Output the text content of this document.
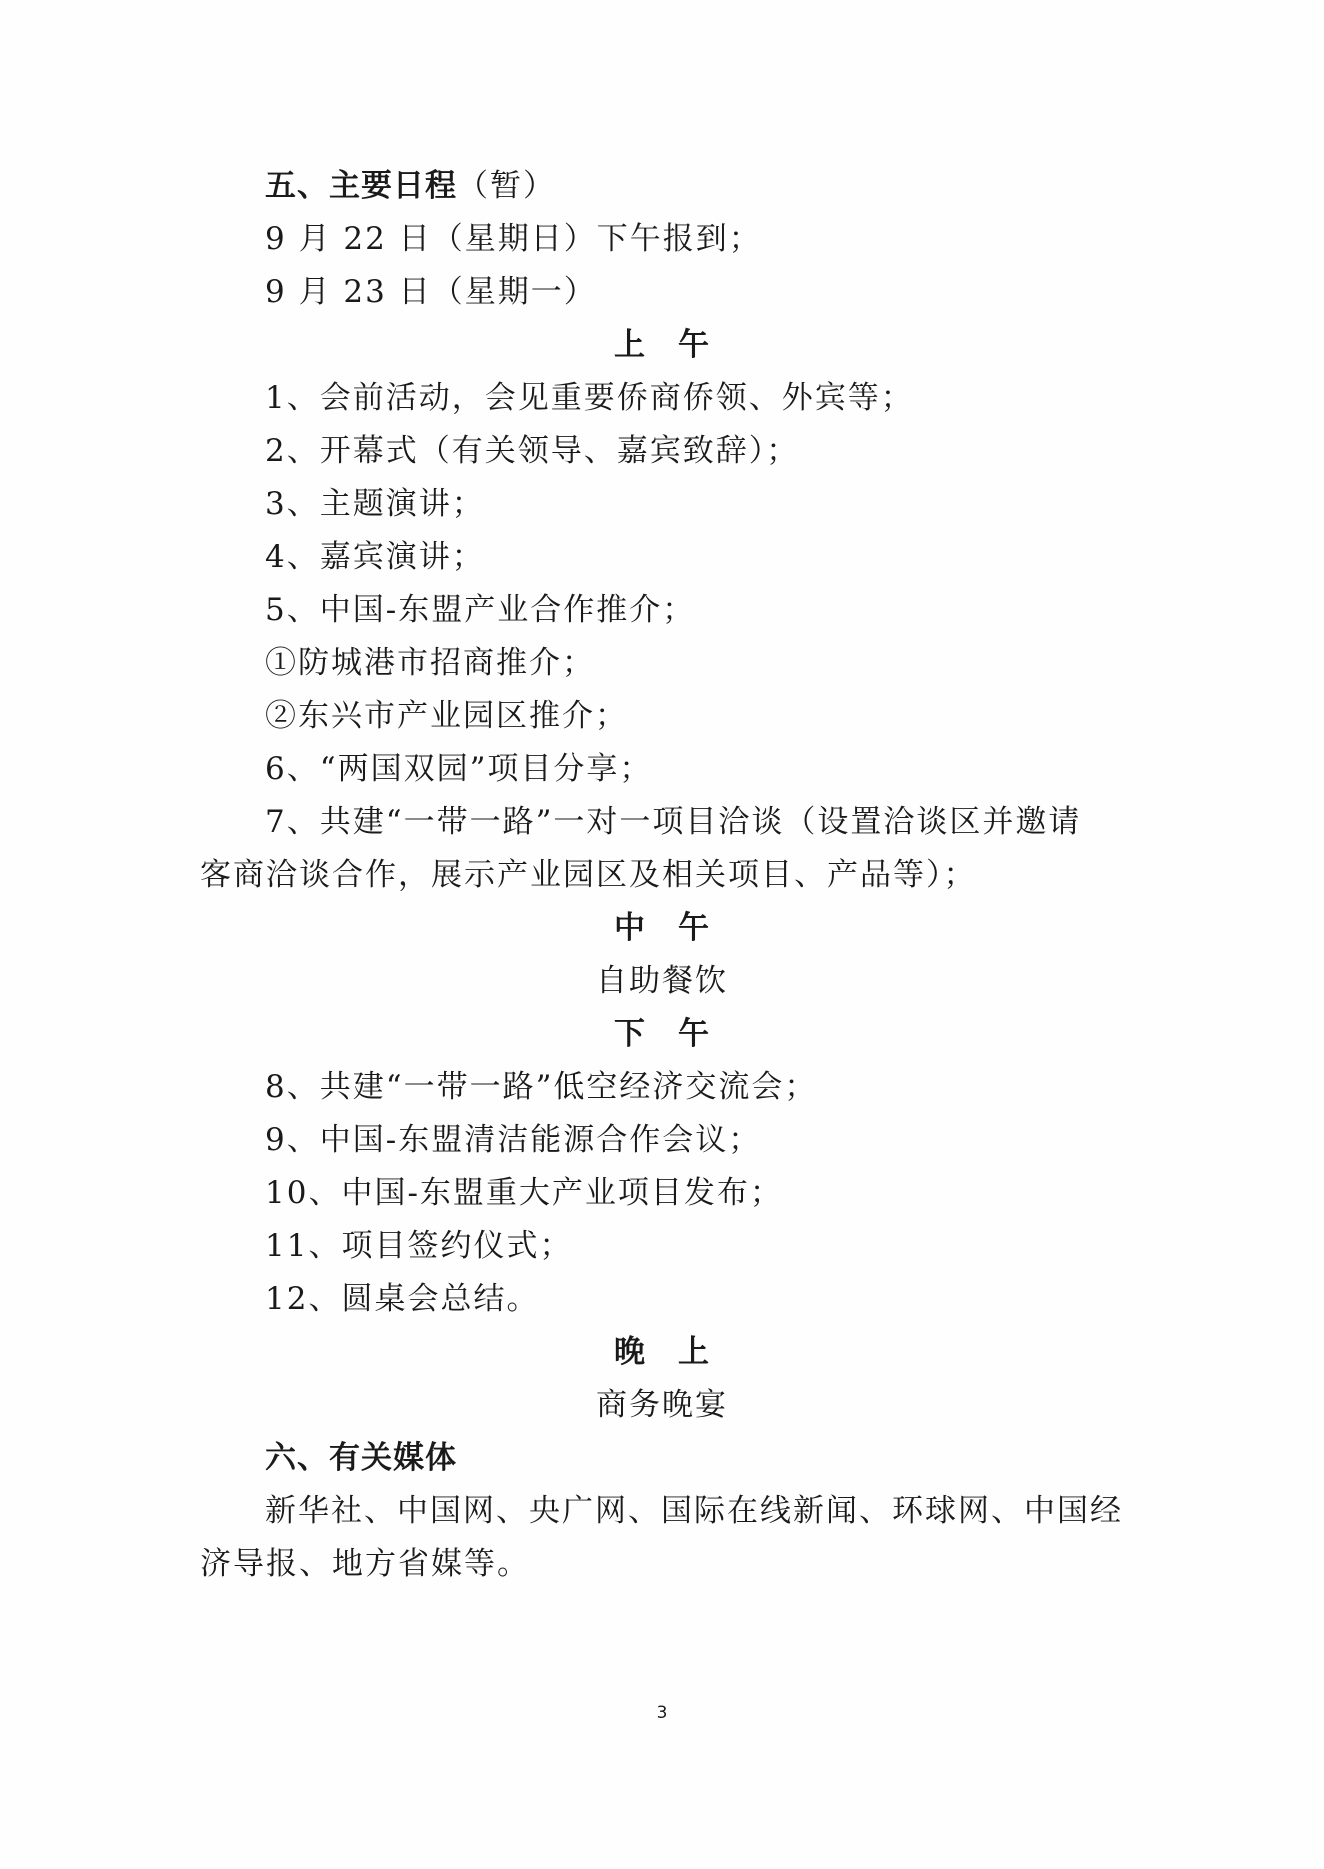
五、主要日程（暂）
9 月 22 日（星期日）下午报到；
9 月 23 日（星期一）
上　午
1、会前活动，会见重要侨商侨领、外宾等；
2、开幕式（有关领导、嘉宾致辞）；
3、主题演讲；
4、嘉宾演讲；
5、中国-东盟产业合作推介；
①防城港市招商推介；
②东兴市产业园区推介；
6、“两国双园”项目分享；
7、共建“一带一路”一对一项目洽谈（设置洽谈区并邀请
客商洽谈合作，展示产业园区及相关项目、产品等）；
中　午
自助餐饮
下　午
8、共建“一带一路”低空经济交流会；
9、中国-东盟清洁能源合作会议；
10、中国-东盟重大产业项目发布；
11、项目签约仪式；
12、圆桌会总结。
晚　上
商务晚宴
六、有关媒体
新华社、中国网、央广网、国际在线新闻、环球网、中国经
济导报、地方省媒等。
3
